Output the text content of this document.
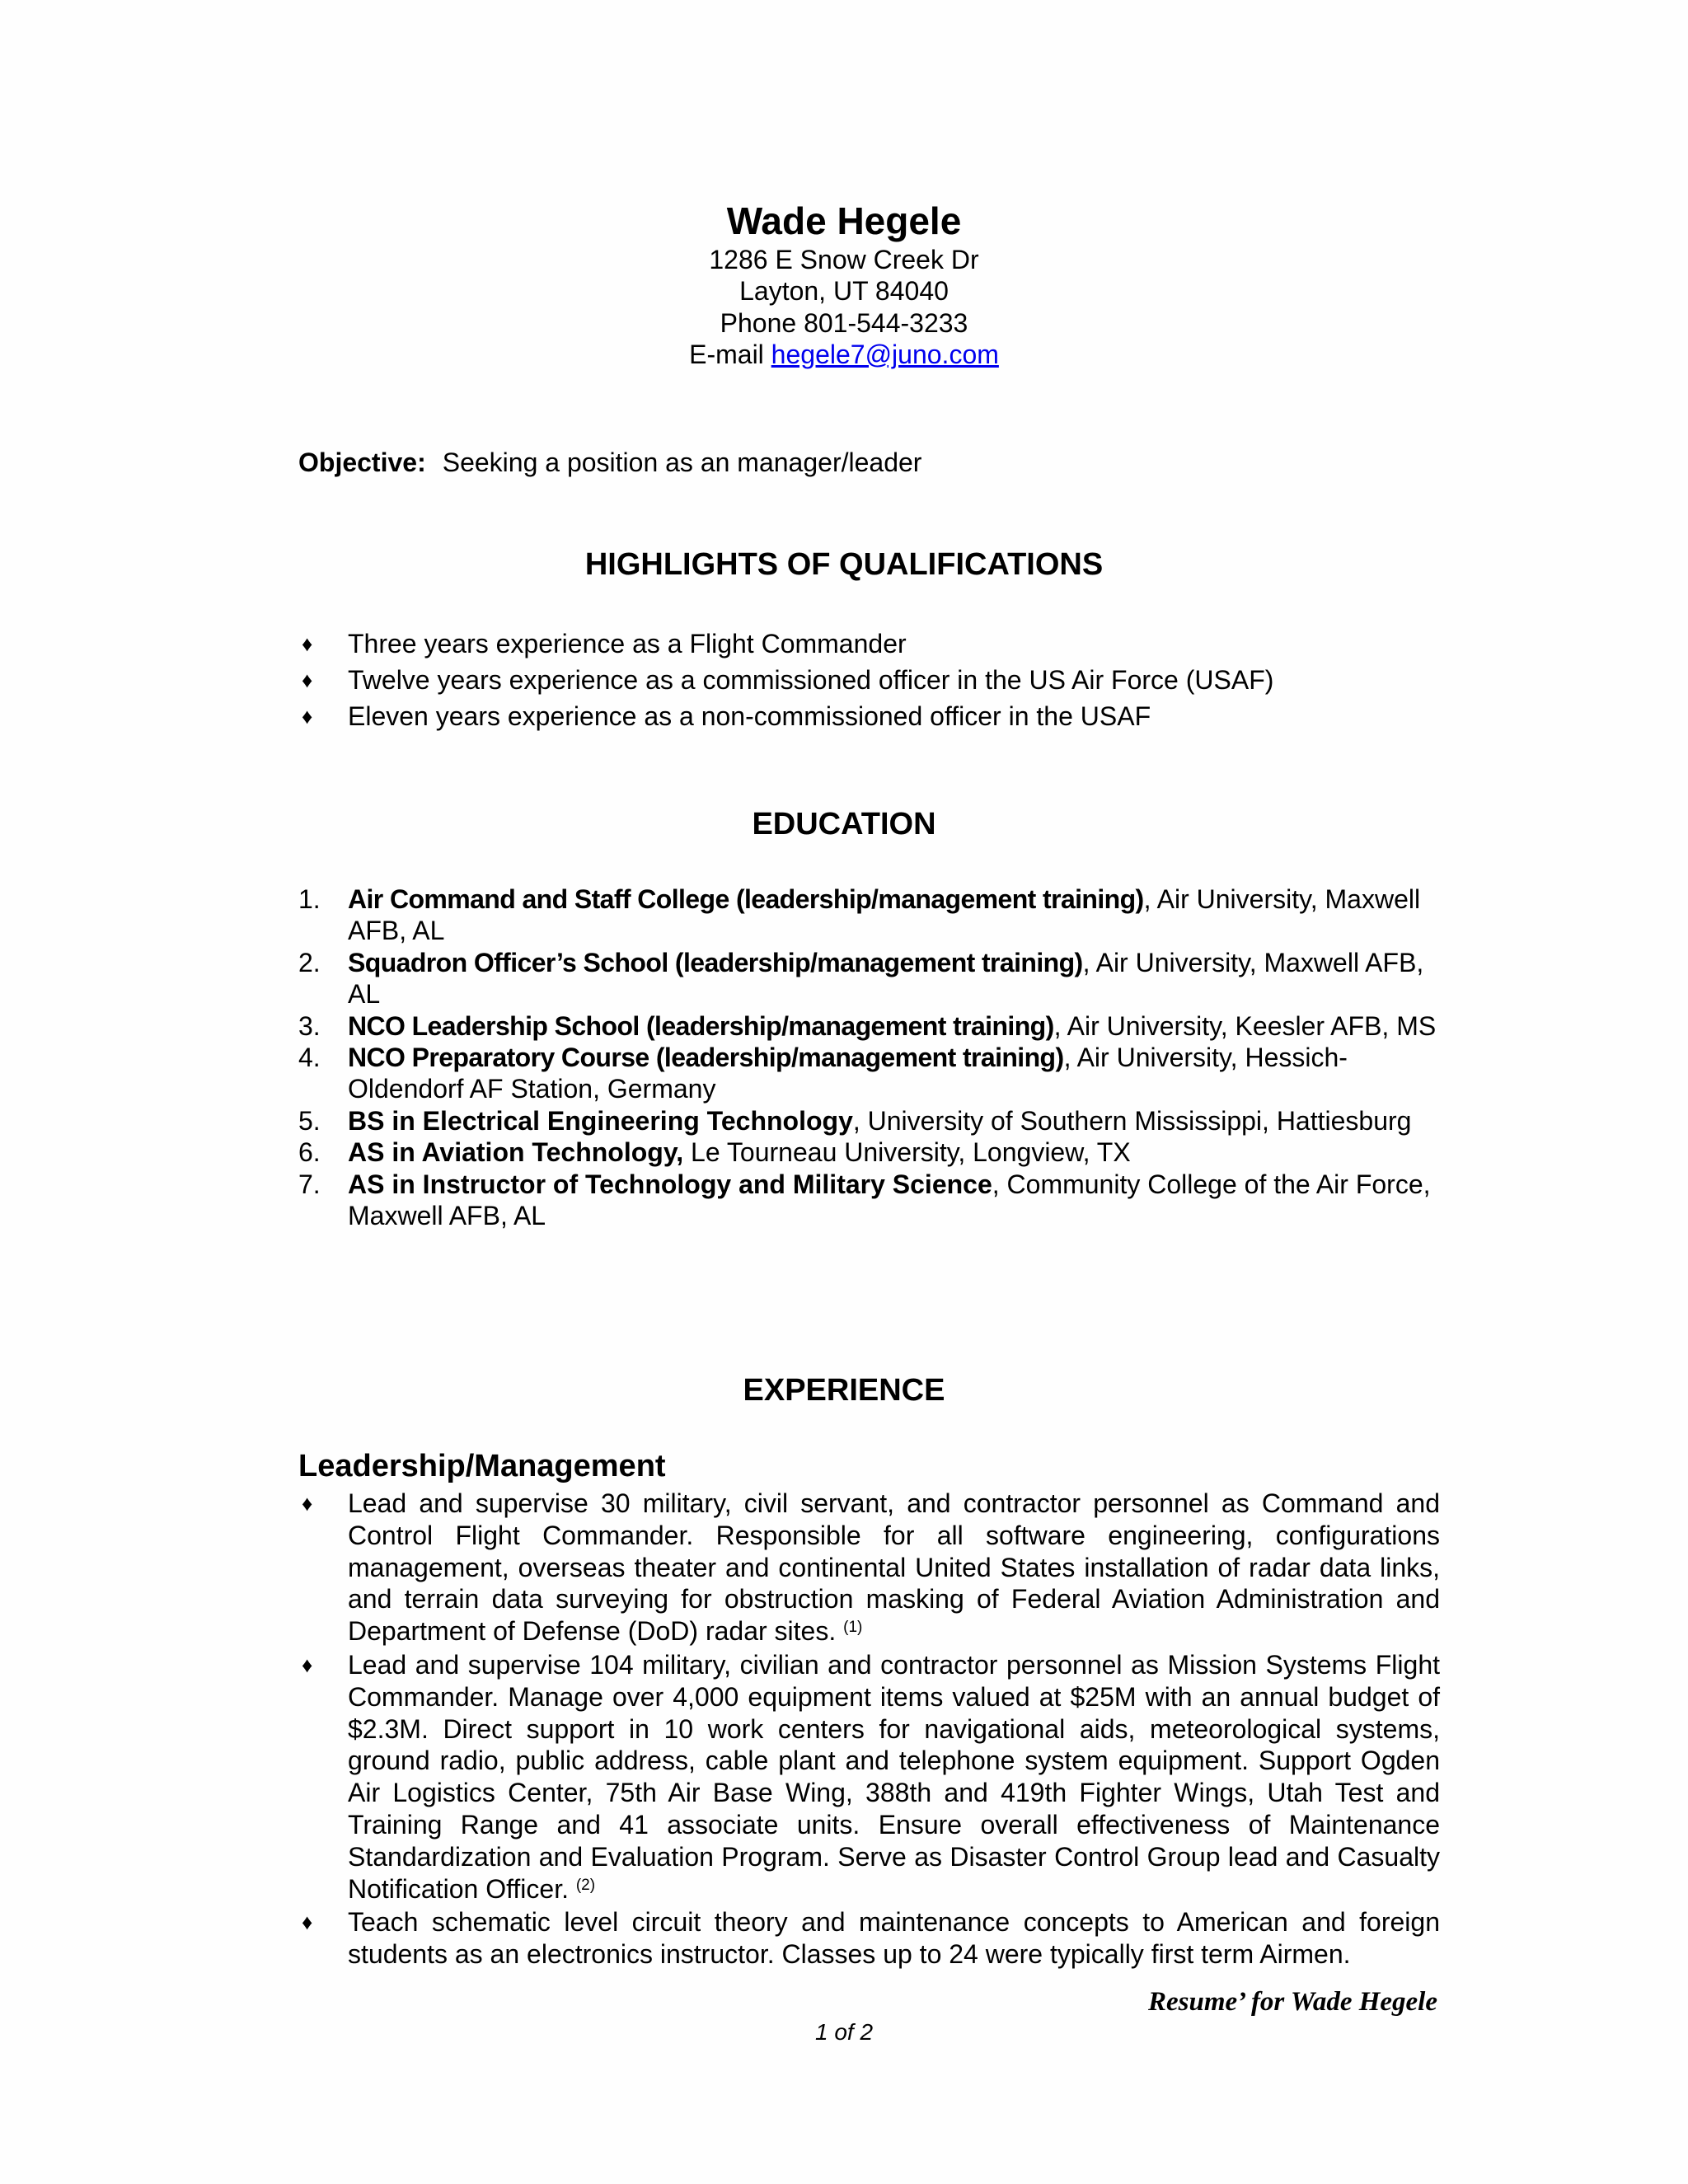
Wade Hegele
1286 E Snow Creek Dr
Layton, UT 84040
Phone 801-544-3233
E-mail hegele7@juno.com
Objective: Seeking a position as an manager/leader
HIGHLIGHTS OF QUALIFICATIONS
♦ Three years experience as a Flight Commander
♦ Twelve years experience as a commissioned officer in the US Air Force (USAF)
♦ Eleven years experience as a non-commissioned officer in the USAF
EDUCATION
1. Air Command and Staff College (leadership/management training), Air University, Maxwell AFB, AL
2. Squadron Officer’s School (leadership/management training), Air University, Maxwell AFB, AL
3. NCO Leadership School (leadership/management training), Air University, Keesler AFB, MS
4. NCO Preparatory Course (leadership/management training), Air University, Hessich-Oldendorf AF Station, Germany
5. BS in Electrical Engineering Technology, University of Southern Mississippi, Hattiesburg
6. AS in Aviation Technology, Le Tourneau University, Longview, TX
7. AS in Instructor of Technology and Military Science, Community College of the Air Force, Maxwell AFB, AL
EXPERIENCE
Leadership/Management
♦ Lead and supervise 30 military, civil servant, and contractor personnel as Command and Control Flight Commander. Responsible for all software engineering, configurations management, overseas theater and continental United States installation of radar data links, and terrain data surveying for obstruction masking of Federal Aviation Administration and Department of Defense (DoD) radar sites. $^{(1)}$
♦ Lead and supervise 104 military, civilian and contractor personnel as Mission Systems Flight Commander. Manage over 4,000 equipment items valued at $25M with an annual budget of $2.3M. Direct support in 10 work centers for navigational aids, meteorological systems, ground radio, public address, cable plant and telephone system equipment. Support Ogden Air Logistics Center, 75th Air Base Wing, 388th and 419th Fighter Wings, Utah Test and Training Range and 41 associate units. Ensure overall effectiveness of Maintenance Standardization and Evaluation Program. Serve as Disaster Control Group lead and Casualty Notification Officer. $^{(2)}$
♦ Teach schematic level circuit theory and maintenance concepts to American and foreign students as an electronics instructor. Classes up to 24 were typically first term Airmen.
Resume’ for Wade Hegele
1 of 2
